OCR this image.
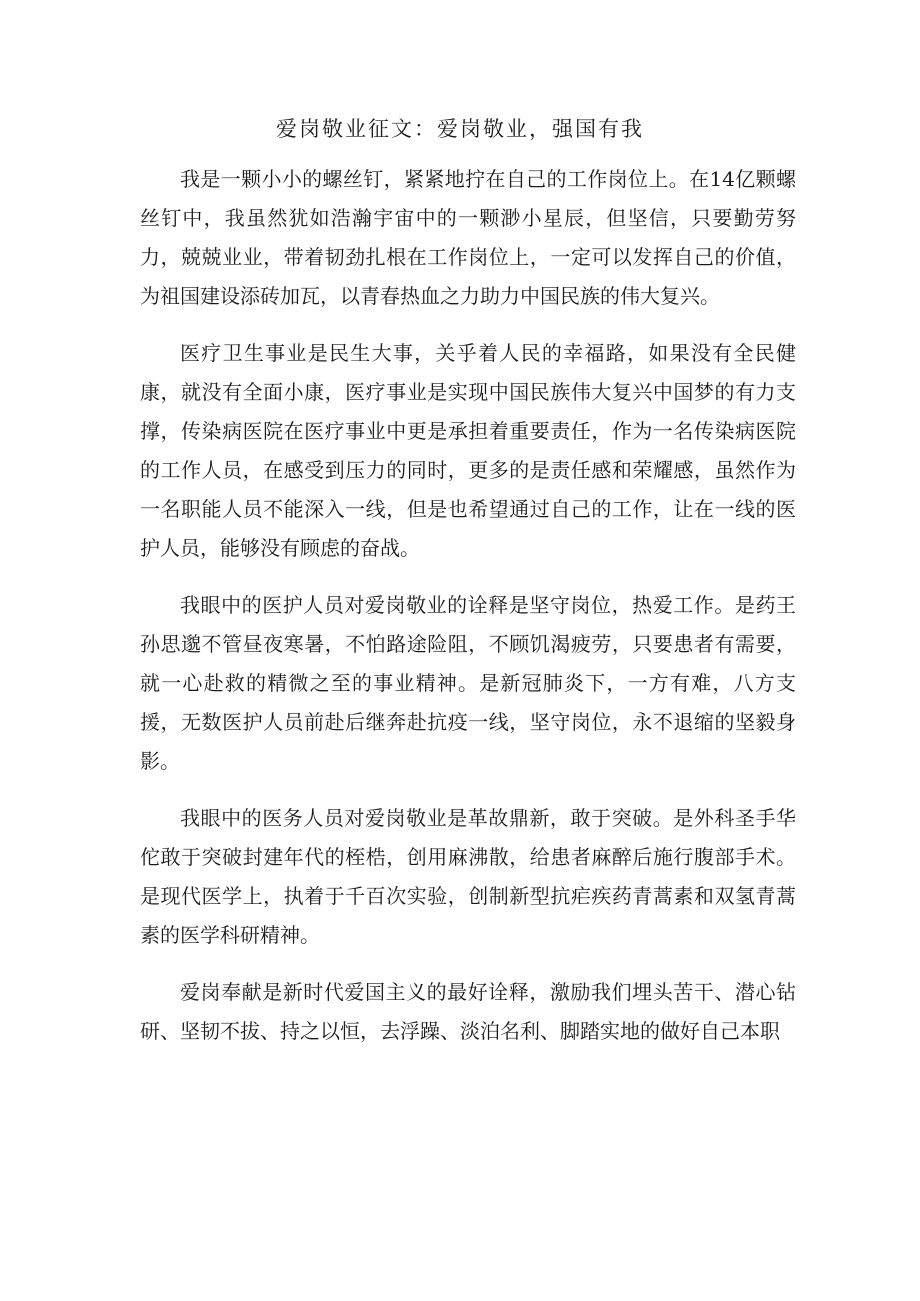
爱岗敬业征文：爱岗敬业，强国有我

我是一颗小小的螺丝钉，紧紧地拧在自己的工作岗位上。在14亿颗螺丝钉中，我虽然犹如浩瀚宇宙中的一颗渺小星辰，但坚信，只要勤劳努力，兢兢业业，带着韧劲扎根在工作岗位上，一定可以发挥自己的价值，为祖国建设添砖加瓦，以青春热血之力助力中国民族的伟大复兴。

医疗卫生事业是民生大事，关乎着人民的幸福路，如果没有全民健康，就没有全面小康，医疗事业是实现中国民族伟大复兴中国梦的有力支撑，传染病医院在医疗事业中更是承担着重要责任，作为一名传染病医院的工作人员，在感受到压力的同时，更多的是责任感和荣耀感，虽然作为一名职能人员不能深入一线，但是也希望通过自己的工作，让在一线的医护人员，能够没有顾虑的奋战。

我眼中的医护人员对爱岗敬业的诠释是坚守岗位，热爱工作。是药王孙思邈不管昼夜寒暑，不怕路途险阻，不顾饥渴疲劳，只要患者有需要，就一心赴救的精微之至的事业精神。是新冠肺炎下，一方有难，八方支援，无数医护人员前赴后继奔赴抗疫一线，坚守岗位，永不退缩的坚毅身影。

我眼中的医务人员对爱岗敬业是革故鼎新，敢于突破。是外科圣手华佗敢于突破封建年代的桎梏，创用麻沸散，给患者麻醉后施行腹部手术。是现代医学上，执着于千百次实验，创制新型抗疟疾药青蒿素和双氢青蒿素的医学科研精神。

爱岗奉献是新时代爱国主义的最好诠释，激励我们埋头苦干、潜心钻研、坚韧不拔、持之以恒，去浮躁、淡泊名利、脚踏实地的做好自己本职
